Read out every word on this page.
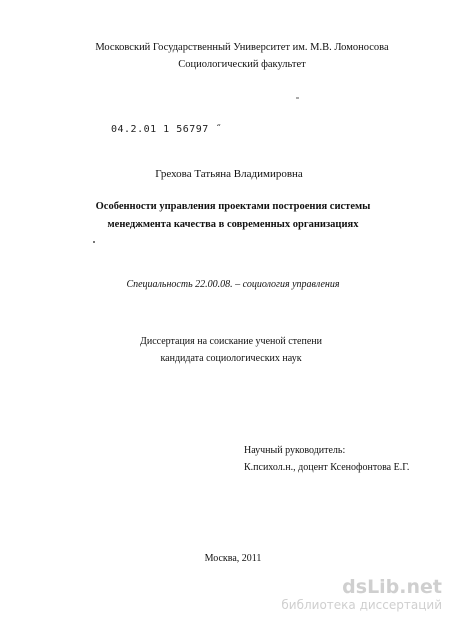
Московский Государственный Университет им. М.В. Ломоносова
Социологический факультет
04.2.01 1 56797 ˝
Грехова Татьяна Владимировна
Особенности управления проектами построения системы
менеджмента качества в современных организациях
Специальность 22.00.08. – социология управления
Диссертация на соискание ученой степени
кандидата социологических наук
Научный руководитель:
К.психол.н., доцент Ксенофонтова Е.Г.
Москва, 2011
dsLib.net
библиотека диссертаций
